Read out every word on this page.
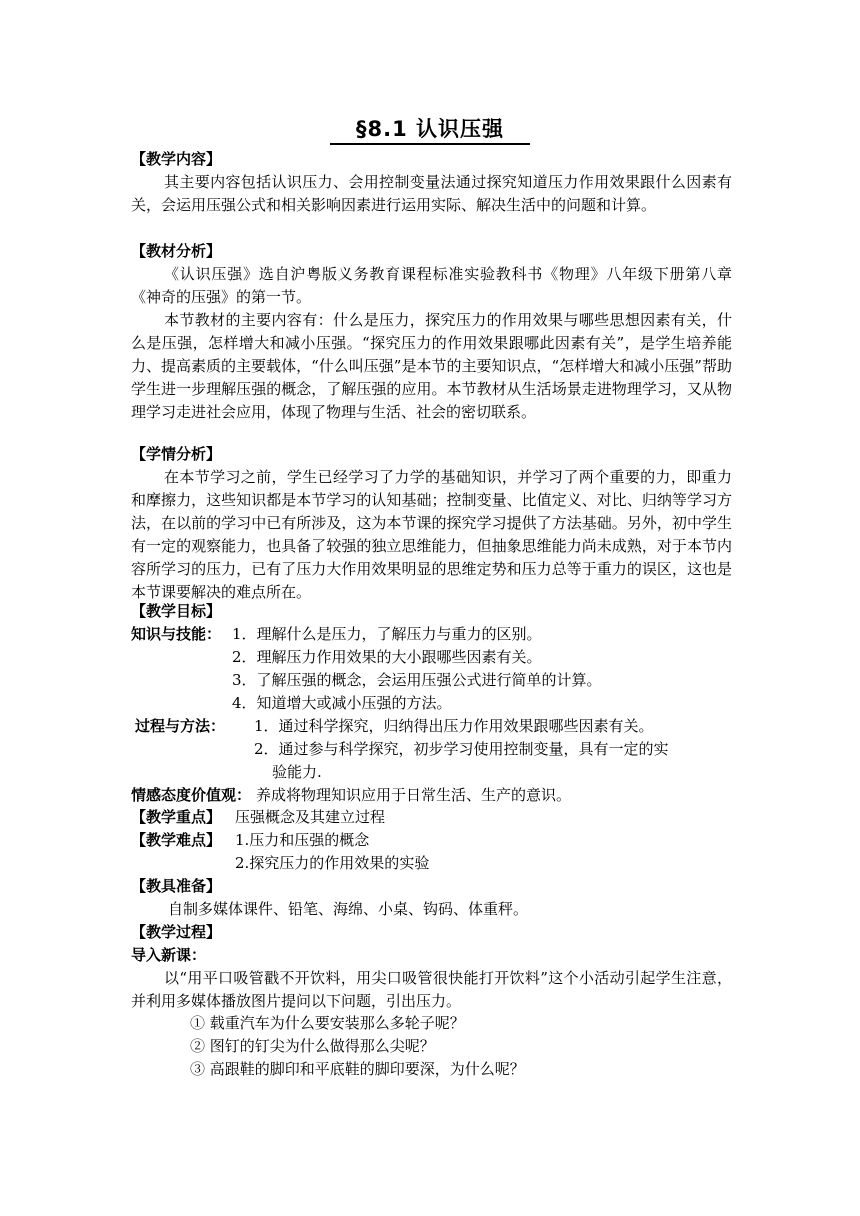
§8.1 认识压强
【教学内容】
其主要内容包括认识压力、会用控制变量法通过探究知道压力作用效果跟什么因素有关，会运用压强公式和相关影响因素进行运用实际、解决生活中的问题和计算。
【教材分析】
《认识压强》选自沪粤版义务教育课程标准实验教科书《物理》八年级下册第八章《神奇的压强》的第一节。
本节教材的主要内容有：什么是压力，探究压力的作用效果与哪些思想因素有关，什么是压强，怎样增大和减小压强。“探究压力的作用效果跟哪此因素有关”，是学生培养能力、提高素质的主要载体，“什么叫压强”是本节的主要知识点，“怎样增大和减小压强”帮助学生进一步理解压强的概念，了解压强的应用。本节教材从生活场景走进物理学习，又从物理学习走进社会应用，体现了物理与生活、社会的密切联系。
【学情分析】
在本节学习之前，学生已经学习了力学的基础知识，并学习了两个重要的力，即重力和摩擦力，这些知识都是本节学习的认知基础；控制变量、比值定义、对比、归纳等学习方法，在以前的学习中已有所涉及，这为本节课的探究学习提供了方法基础。另外，初中学生有一定的观察能力，也具备了较强的独立思维能力，但抽象思维能力尚未成熟，对于本节内容所学习的压力，已有了压力大作用效果明显的思维定势和压力总等于重力的误区，这也是本节课要解决的难点所在。
【教学目标】
知识与技能： 1．理解什么是压力，了解压力与重力的区别。
2．理解压力作用效果的大小跟哪些因素有关。
3．了解压强的概念，会运用压强公式进行简单的计算。
4．知道增大或减小压强的方法。
过程与方法： 1．通过科学探究，归纳得出压力作用效果跟哪些因素有关。
2．通过参与科学探究，初步学习使用控制变量，具有一定的实
验能力.
情感态度价值观： 养成将物理知识应用于日常生活、生产的意识。
【教学重点】 压强概念及其建立过程
【教学难点】 1.压力和压强的概念
2.探究压力的作用效果的实验
【教具准备】
自制多媒体课件、铅笔、海绵、小桌、钩码、体重秤。
【教学过程】
导入新课：
以“用平口吸管戳不开饮料，用尖口吸管很快能打开饮料”这个小活动引起学生注意，并利用多媒体播放图片提问以下问题，引出压力。
① 载重汽车为什么要安装那么多轮子呢？
② 图钉的钉尖为什么做得那么尖呢？
③ 高跟鞋的脚印和平底鞋的脚印要深，为什么呢？
